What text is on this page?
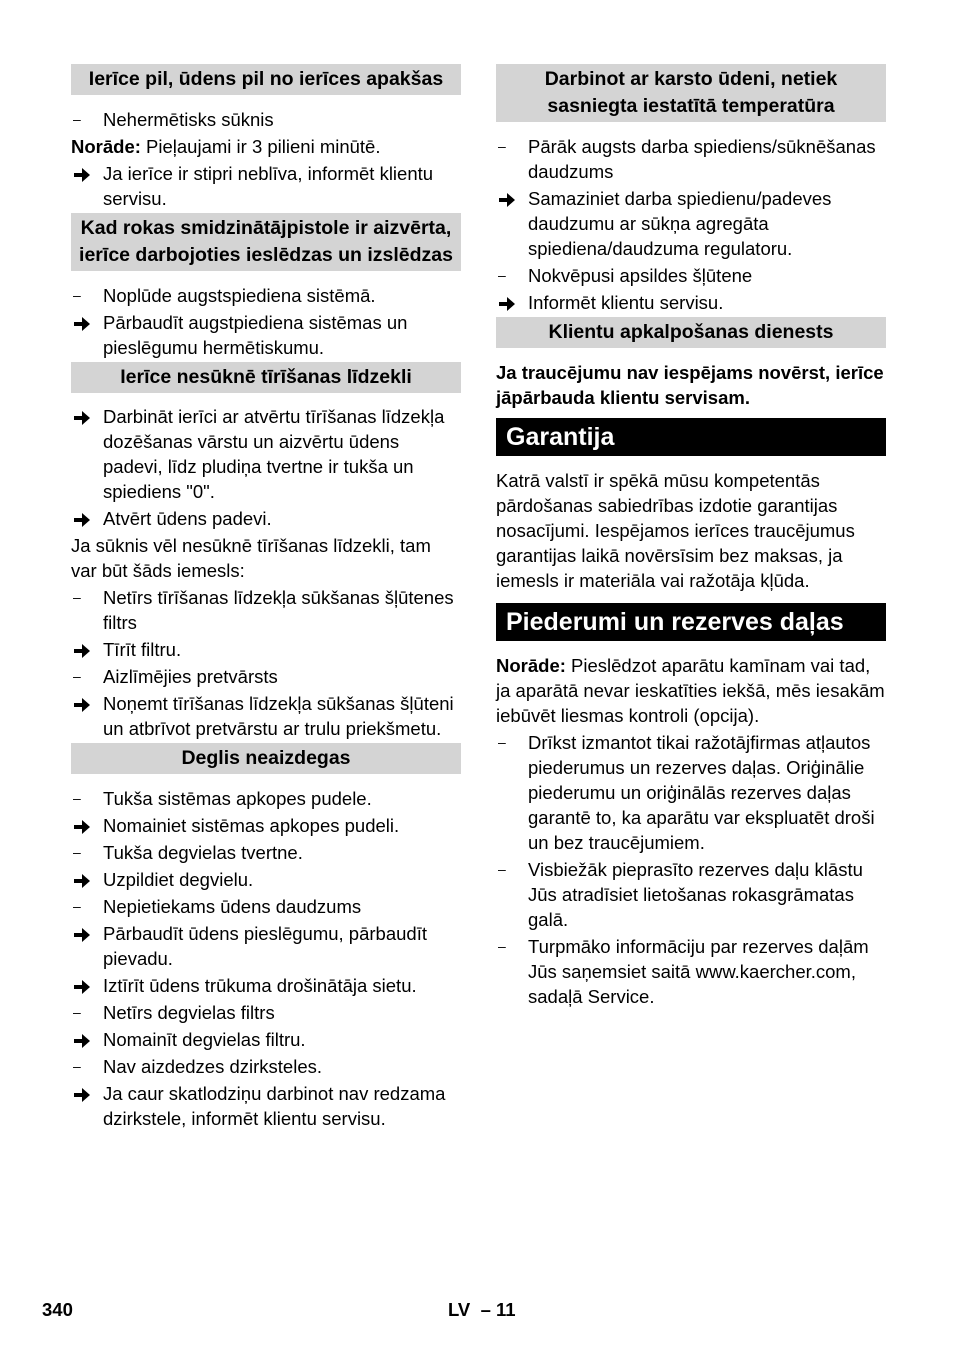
Ierīce pil, ūdens pil no ierīces apakšas
–	Nehermētisks sūknis
Norāde: Pieļaujami ir 3 pilieni minūtē.
Ja ierīce ir stipri neblīva, informēt klientu servisu.
Kad rokas smidzinātājpistole ir aizvērta, ierīce darbojoties ieslēdzas un izslēdzas
–	Noplūde augstspiediena sistēmā.
Pārbaudīt augstpiediena sistēmas un pieslēgumu hermētiskumu.
Ierīce nesūknē tīrīšanas līdzekli
Darbināt ierīci ar atvērtu tīrīšanas līdzekļa dozēšanas vārstu un aizvērtu ūdens padevi, līdz pludiņa tvertne ir tukša un spiediens "0".
Atvērt ūdens padevi.
Ja sūknis vēl nesūknē tīrīšanas līdzekli, tam var būt šāds iemesls:
–	Netīrs tīrīšanas līdzekļa sūkšanas šļūtenes filtrs
Tīrīt filtru.
–	Aizlīmējies pretvārsts
Noņemt tīrīšanas līdzekļa sūkšanas šļūteni un atbrīvot pretvārstu ar trulu priekšmetu.
Deglis neaizdegas
–	Tukša sistēmas apkopes pudele.
Nomainiet sistēmas apkopes pudeli.
–	Tukša degvielas tvertne.
Uzpildiet degvielu.
–	Nepietiekams ūdens daudzums
Pārbaudīt ūdens pieslēgumu, pārbaudīt pievadu.
Iztīrīt ūdens trūkuma drošinātāja sietu.
–	Netīrs degvielas filtrs
Nomainīt degvielas filtru.
–	Nav aizdedzes dzirksteles.
Ja caur skatlodziņu darbinot nav redzama dzirkstele, informēt klientu servisu.
Darbinot ar karsto ūdeni, netiek sasniegta iestatītā temperatūra
–	Pārāk augsts darba spiediens/sūknēšanas daudzums
Samaziniet darba spiedienu/padeves daudzumu ar sūkņa agregāta spiediena/daudzuma regulatoru.
–	Nokvēpusi apsildes šļūtene
Informēt klientu servisu.
Klientu apkalpošanas dienests
Ja traucējumu nav iespējams novērst, ierīce jāpārbauda klientu servisam.
Garantija
Katrā valstī ir spēkā mūsu kompetentās pārdošanas sabiedrības izdotie garantijas nosacījumi. Iespējamos ierīces traucējumus garantijas laikā novērsīsim bez maksas, ja iemesls ir materiāla vai ražotāja kļūda.
Piederumi un rezerves daļas
Norāde: Pieslēdzot aparātu kamīnam vai tad, ja aparātā nevar ieskatīties iekšā, mēs iesakām iebūvēt liesmas kontroli (opcija).
–	Drīkst izmantot tikai ražotājfirmas atļautos piederumus un rezerves daļas. Oriģinālie piederumu un oriģinālās rezerves daļas garantē to, ka aparātu var ekspluatēt droši un bez traucējumiem.
–	Visbiežāk pieprasīto rezerves daļu klāstu Jūs atradīsiet lietošanas rokasgrāmatas galā.
–	Turpmāko informāciju par rezerves daļām Jūs saņemsiet saitā www.kaercher.com, sadaļā Service.
340	LV – 11
